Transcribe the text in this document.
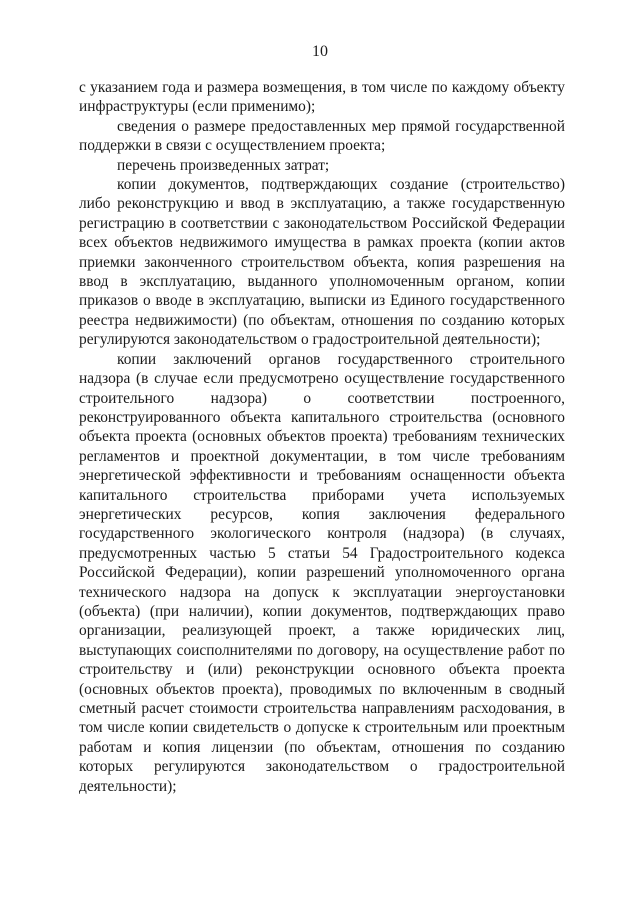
10

с указанием года и размера возмещения, в том числе по каждому объекту инфраструктуры (если применимо);

сведения о размере предоставленных мер прямой государственной поддержки в связи с осуществлением проекта;

перечень произведенных затрат;

копии документов, подтверждающих создание (строительство) либо реконструкцию и ввод в эксплуатацию, а также государственную регистрацию в соответствии с законодательством Российской Федерации всех объектов недвижимого имущества в рамках проекта (копии актов приемки законченного строительством объекта, копия разрешения на ввод в эксплуатацию, выданного уполномоченным органом, копии приказов о вводе в эксплуатацию, выписки из Единого государственного реестра недвижимости) (по объектам, отношения по созданию которых регулируются законодательством о градостроительной деятельности);

копии заключений органов государственного строительного надзора (в случае если предусмотрено осуществление государственного строительного надзора) о соответствии построенного, реконструированного объекта капитального строительства (основного объекта проекта (основных объектов проекта) требованиям технических регламентов и проектной документации, в том числе требованиям энергетической эффективности и требованиям оснащенности объекта капитального строительства приборами учета используемых энергетических ресурсов, копия заключения федерального государственного экологического контроля (надзора) (в случаях, предусмотренных частью 5 статьи 54 Градостроительного кодекса Российской Федерации), копии разрешений уполномоченного органа технического надзора на допуск к эксплуатации энергоустановки (объекта) (при наличии), копии документов, подтверждающих право организации, реализующей проект, а также юридических лиц, выступающих соисполнителями по договору, на осуществление работ по строительству и (или) реконструкции основного объекта проекта (основных объектов проекта), проводимых по включенным в сводный сметный расчет стоимости строительства направлениям расходования, в том числе копии свидетельств о допуске к строительным или проектным работам и копия лицензии (по объектам, отношения по созданию которых регулируются законодательством о градостроительной деятельности);
